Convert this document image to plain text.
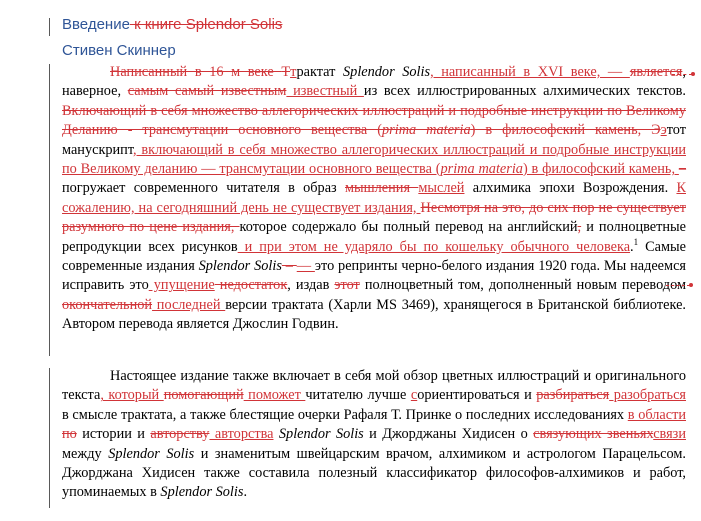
Введение к книге Splendor Solis
Стивен Скиннер
Написанный в 16 м веке Ттрактат Splendor Solis, написанный в XVI веке, — является, наверное, самым самый известным известный из всех иллюстрированных алхимических текстов. Включающий в себя множество аллегорических иллюстраций и подробные инструкции по Великому Деланию - трансмутации основного вещества (prima materia) в философский камень, Ээтот манускрипт, включающий в себя множество аллегорических иллюстраций и подробные инструкции по Великому деланию — трансмутации основного вещества (prima materia) в философский камень, –погружает современного читателя в образ мышления мыслей алхимика эпохи Возрождения. К сожалению, на сегодняшний день не существует издания, Несмотря на это, до сих пор не существует разумного по цене издания, которое содержало бы полный перевод на английский, и полноцветные репродукции всех рисунков и при этом не ударяло бы по кошельку обычного человека.$^1$ Самые современные издания Splendor Solis – — это репринты черно-белого издания 1920 года. Мы надеемся исправить это упущение недостаток, издав этот полноцветный том, дополненный новым переводом окончательной последней версии трактата (Харли MS 3469), хранящегося в Британской библиотеке. Автором перевода является Джослин Годвин.
Настоящее издание также включает в себя мой обзор цветных иллюстраций и оригинального текста, который помогающий поможет читателю лучше сориентироваться и разбираться разобраться в смысле трактата, а также блестящие очерки Рафаля Т. Принке о последних исследованиях в области по истории и авторству авторства Splendor Solis и Джорджаны Хидисен о связующих звеньяхсвязи между Splendor Solis и знаменитым швейцарским врачом, алхимиком и астрологом Парацельсом. Джорджана Хидисен также составила полезный классификатор философов-алхимиков и работ, упоминаемых в Splendor Solis.
